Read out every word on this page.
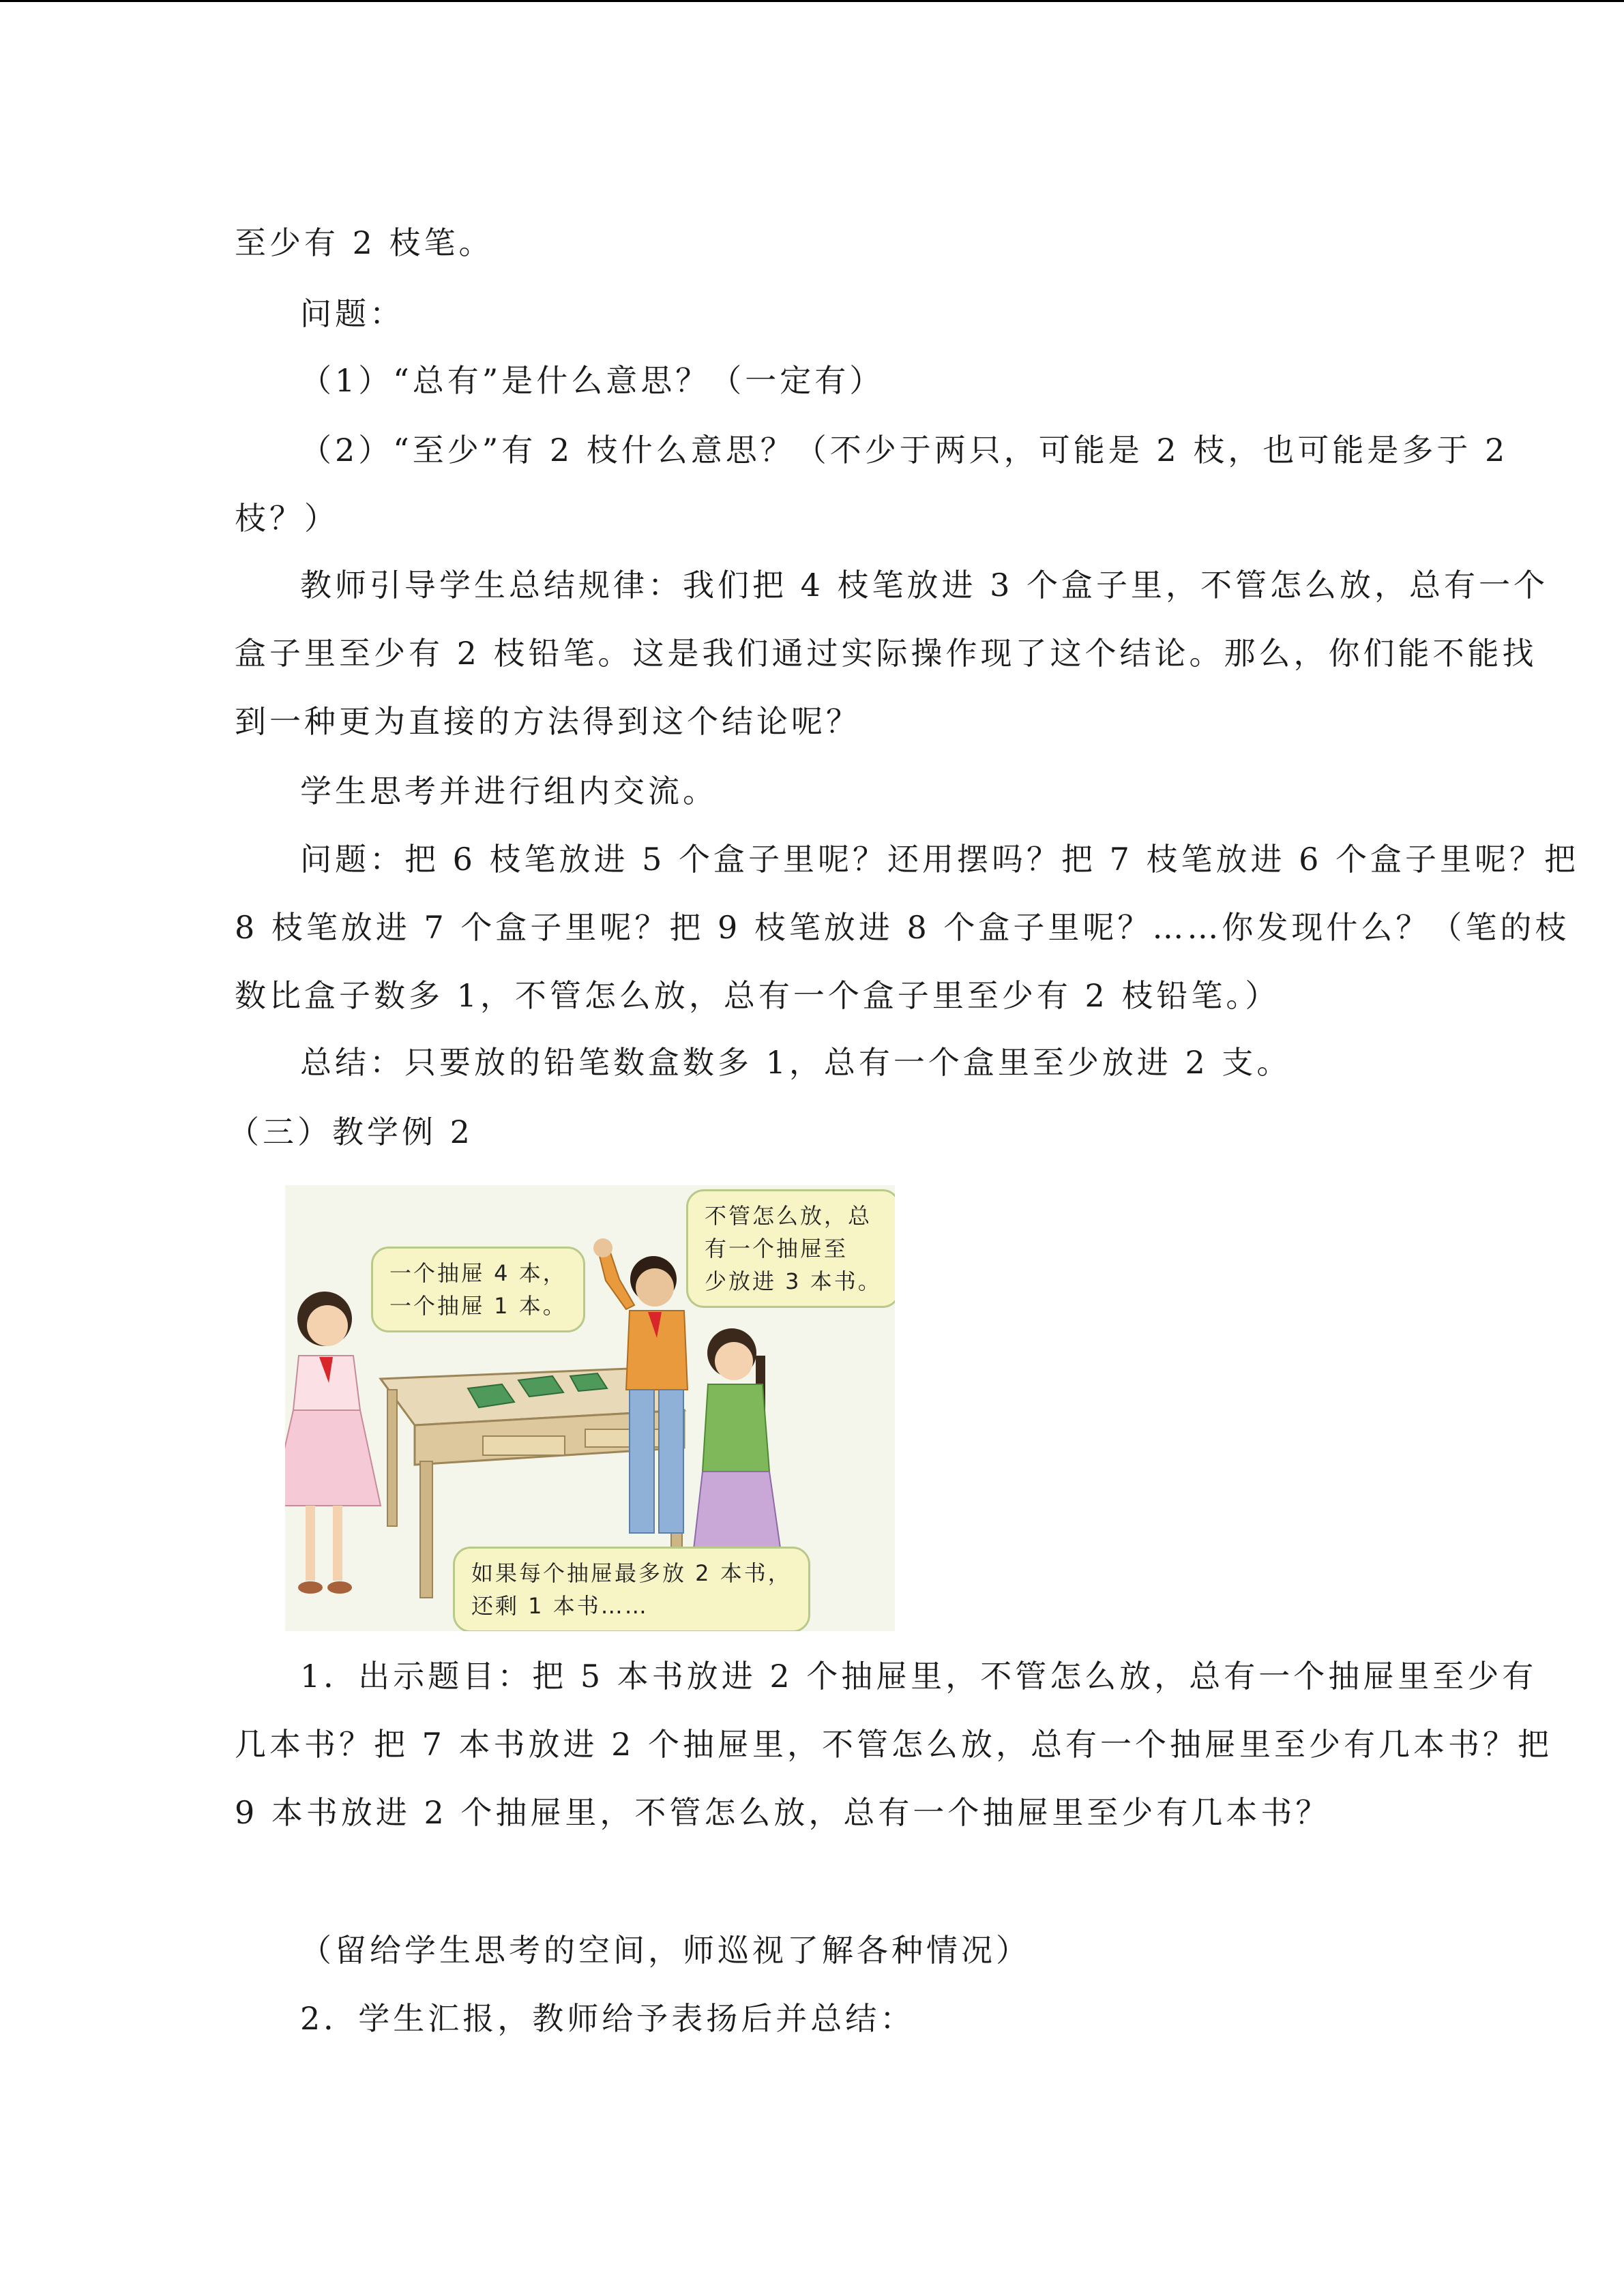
至少有 2 枝笔。
问题：
（1）“总有”是什么意思？（一定有）
（2）“至少”有 2 枝什么意思？（不少于两只，可能是 2 枝，也可能是多于 2
枝？）
教师引导学生总结规律：我们把 4 枝笔放进 3 个盒子里，不管怎么放，总有一个
盒子里至少有 2 枝铅笔。这是我们通过实际操作现了这个结论。那么，你们能不能找
到一种更为直接的方法得到这个结论呢？
学生思考并进行组内交流。
问题：把 6 枝笔放进 5 个盒子里呢？还用摆吗？把 7 枝笔放进 6 个盒子里呢？把
8 枝笔放进 7 个盒子里呢？把 9 枝笔放进 8 个盒子里呢？……你发现什么？（笔的枝
数比盒子数多 1，不管怎么放，总有一个盒子里至少有 2 枝铅笔。）
总结：只要放的铅笔数盒数多 1，总有一个盒里至少放进 2 支。
（三）教学例 2
一个抽屉 4 本，
一个抽屉 1 本。
不管怎么放，总
有一个抽屉至
少放进 3 本书。
如果每个抽屉最多放 2 本书，
还剩 1 本书……
1．出示题目：把 5 本书放进 2 个抽屉里，不管怎么放，总有一个抽屉里至少有
几本书？把 7 本书放进 2 个抽屉里，不管怎么放，总有一个抽屉里至少有几本书？把
9 本书放进 2 个抽屉里，不管怎么放，总有一个抽屉里至少有几本书？
（留给学生思考的空间，师巡视了解各种情况）
2．学生汇报，教师给予表扬后并总结：
